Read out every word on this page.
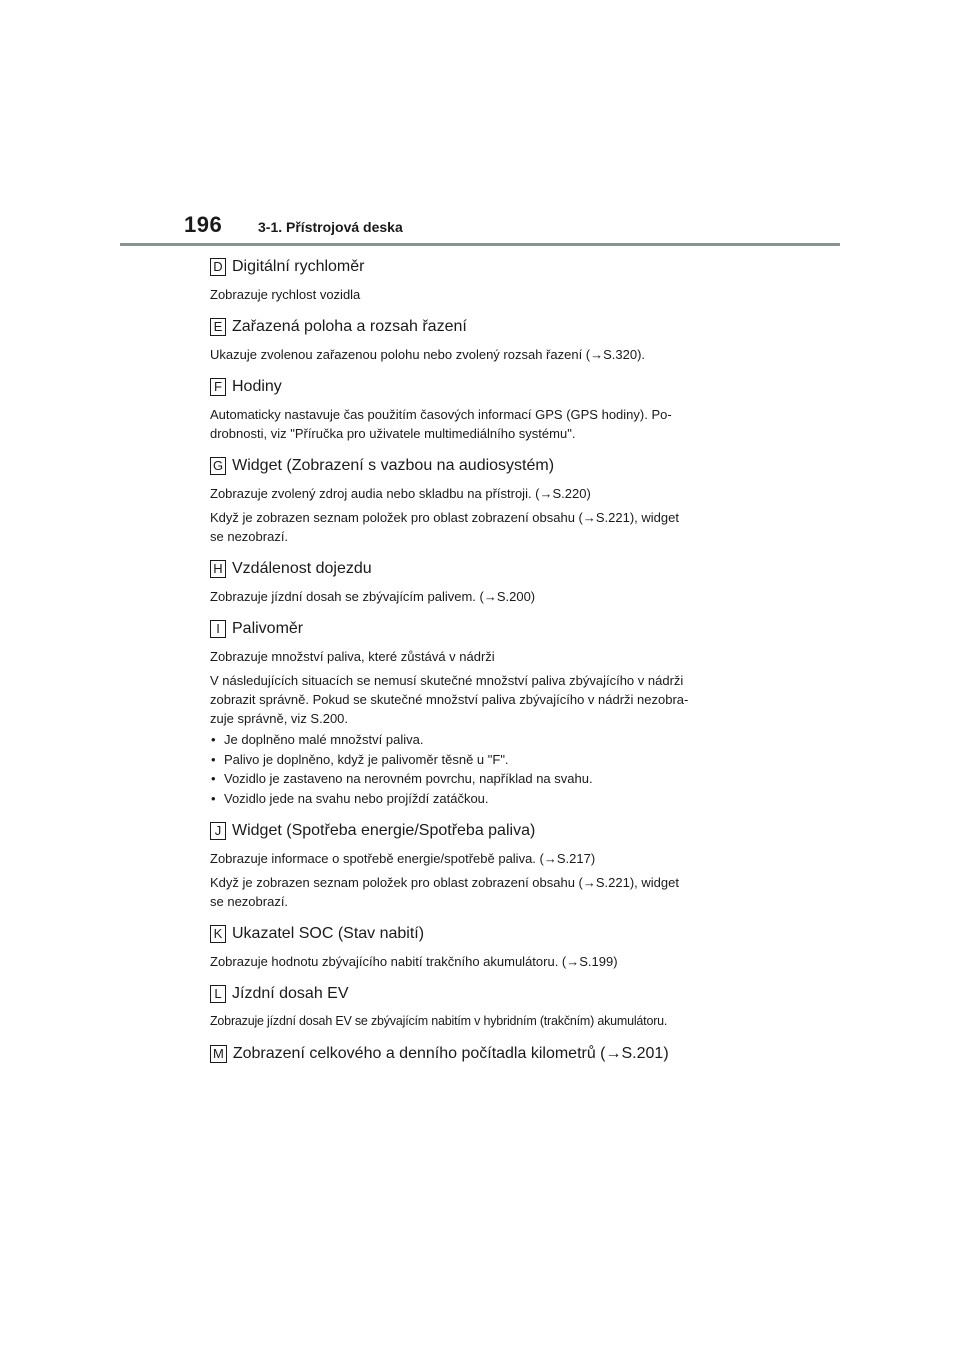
196	3-1. Přístrojová deska
D Digitální rychloměr

Zobrazuje rychlost vozidla

E Zařazená poloha a rozsah řazení

Ukazuje zvolenou zařazenou polohu nebo zvolený rozsah řazení (→S.320).

F Hodiny

Automaticky nastavuje čas použitím časových informací GPS (GPS hodiny). Po-
drobnosti, viz "Příručka pro uživatele multimediálního systému".

G Widget (Zobrazení s vazbou na audiosystém)

Zobrazuje zvolený zdroj audia nebo skladbu na přístroji. (→S.220)

Když je zobrazen seznam položek pro oblast zobrazení obsahu (→S.221), widget
se nezobrazí.

H Vzdálenost dojezdu

Zobrazuje jízdní dosah se zbývajícím palivem. (→S.200)

I Palivoměr

Zobrazuje množství paliva, které zůstává v nádrži

V následujících situacích se nemusí skutečné množství paliva zbývajícího v nádrži
zobrazit správně. Pokud se skutečné množství paliva zbývajícího v nádrži nezobra-
zuje správně, viz S.200.

• Je doplněno malé množství paliva.
• Palivo je doplněno, když je palivoměr těsně u "F".
• Vozidlo je zastaveno na nerovném povrchu, například na svahu.
• Vozidlo jede na svahu nebo projíždí zatáčkou.
J Widget (Spotřeba energie/Spotřeba paliva)

Zobrazuje informace o spotřebě energie/spotřebě paliva. (→S.217)

Když je zobrazen seznam položek pro oblast zobrazení obsahu (→S.221), widget
se nezobrazí.

K Ukazatel SOC (Stav nabití)

Zobrazuje hodnotu zbývajícího nabití trakčního akumulátoru. (→S.199)

L Jízdní dosah EV

Zobrazuje jízdní dosah EV se zbývajícím nabitím v hybridním (trakčním) akumulátoru.

M Zobrazení celkového a denního počítadla kilometrů (→S.201)
